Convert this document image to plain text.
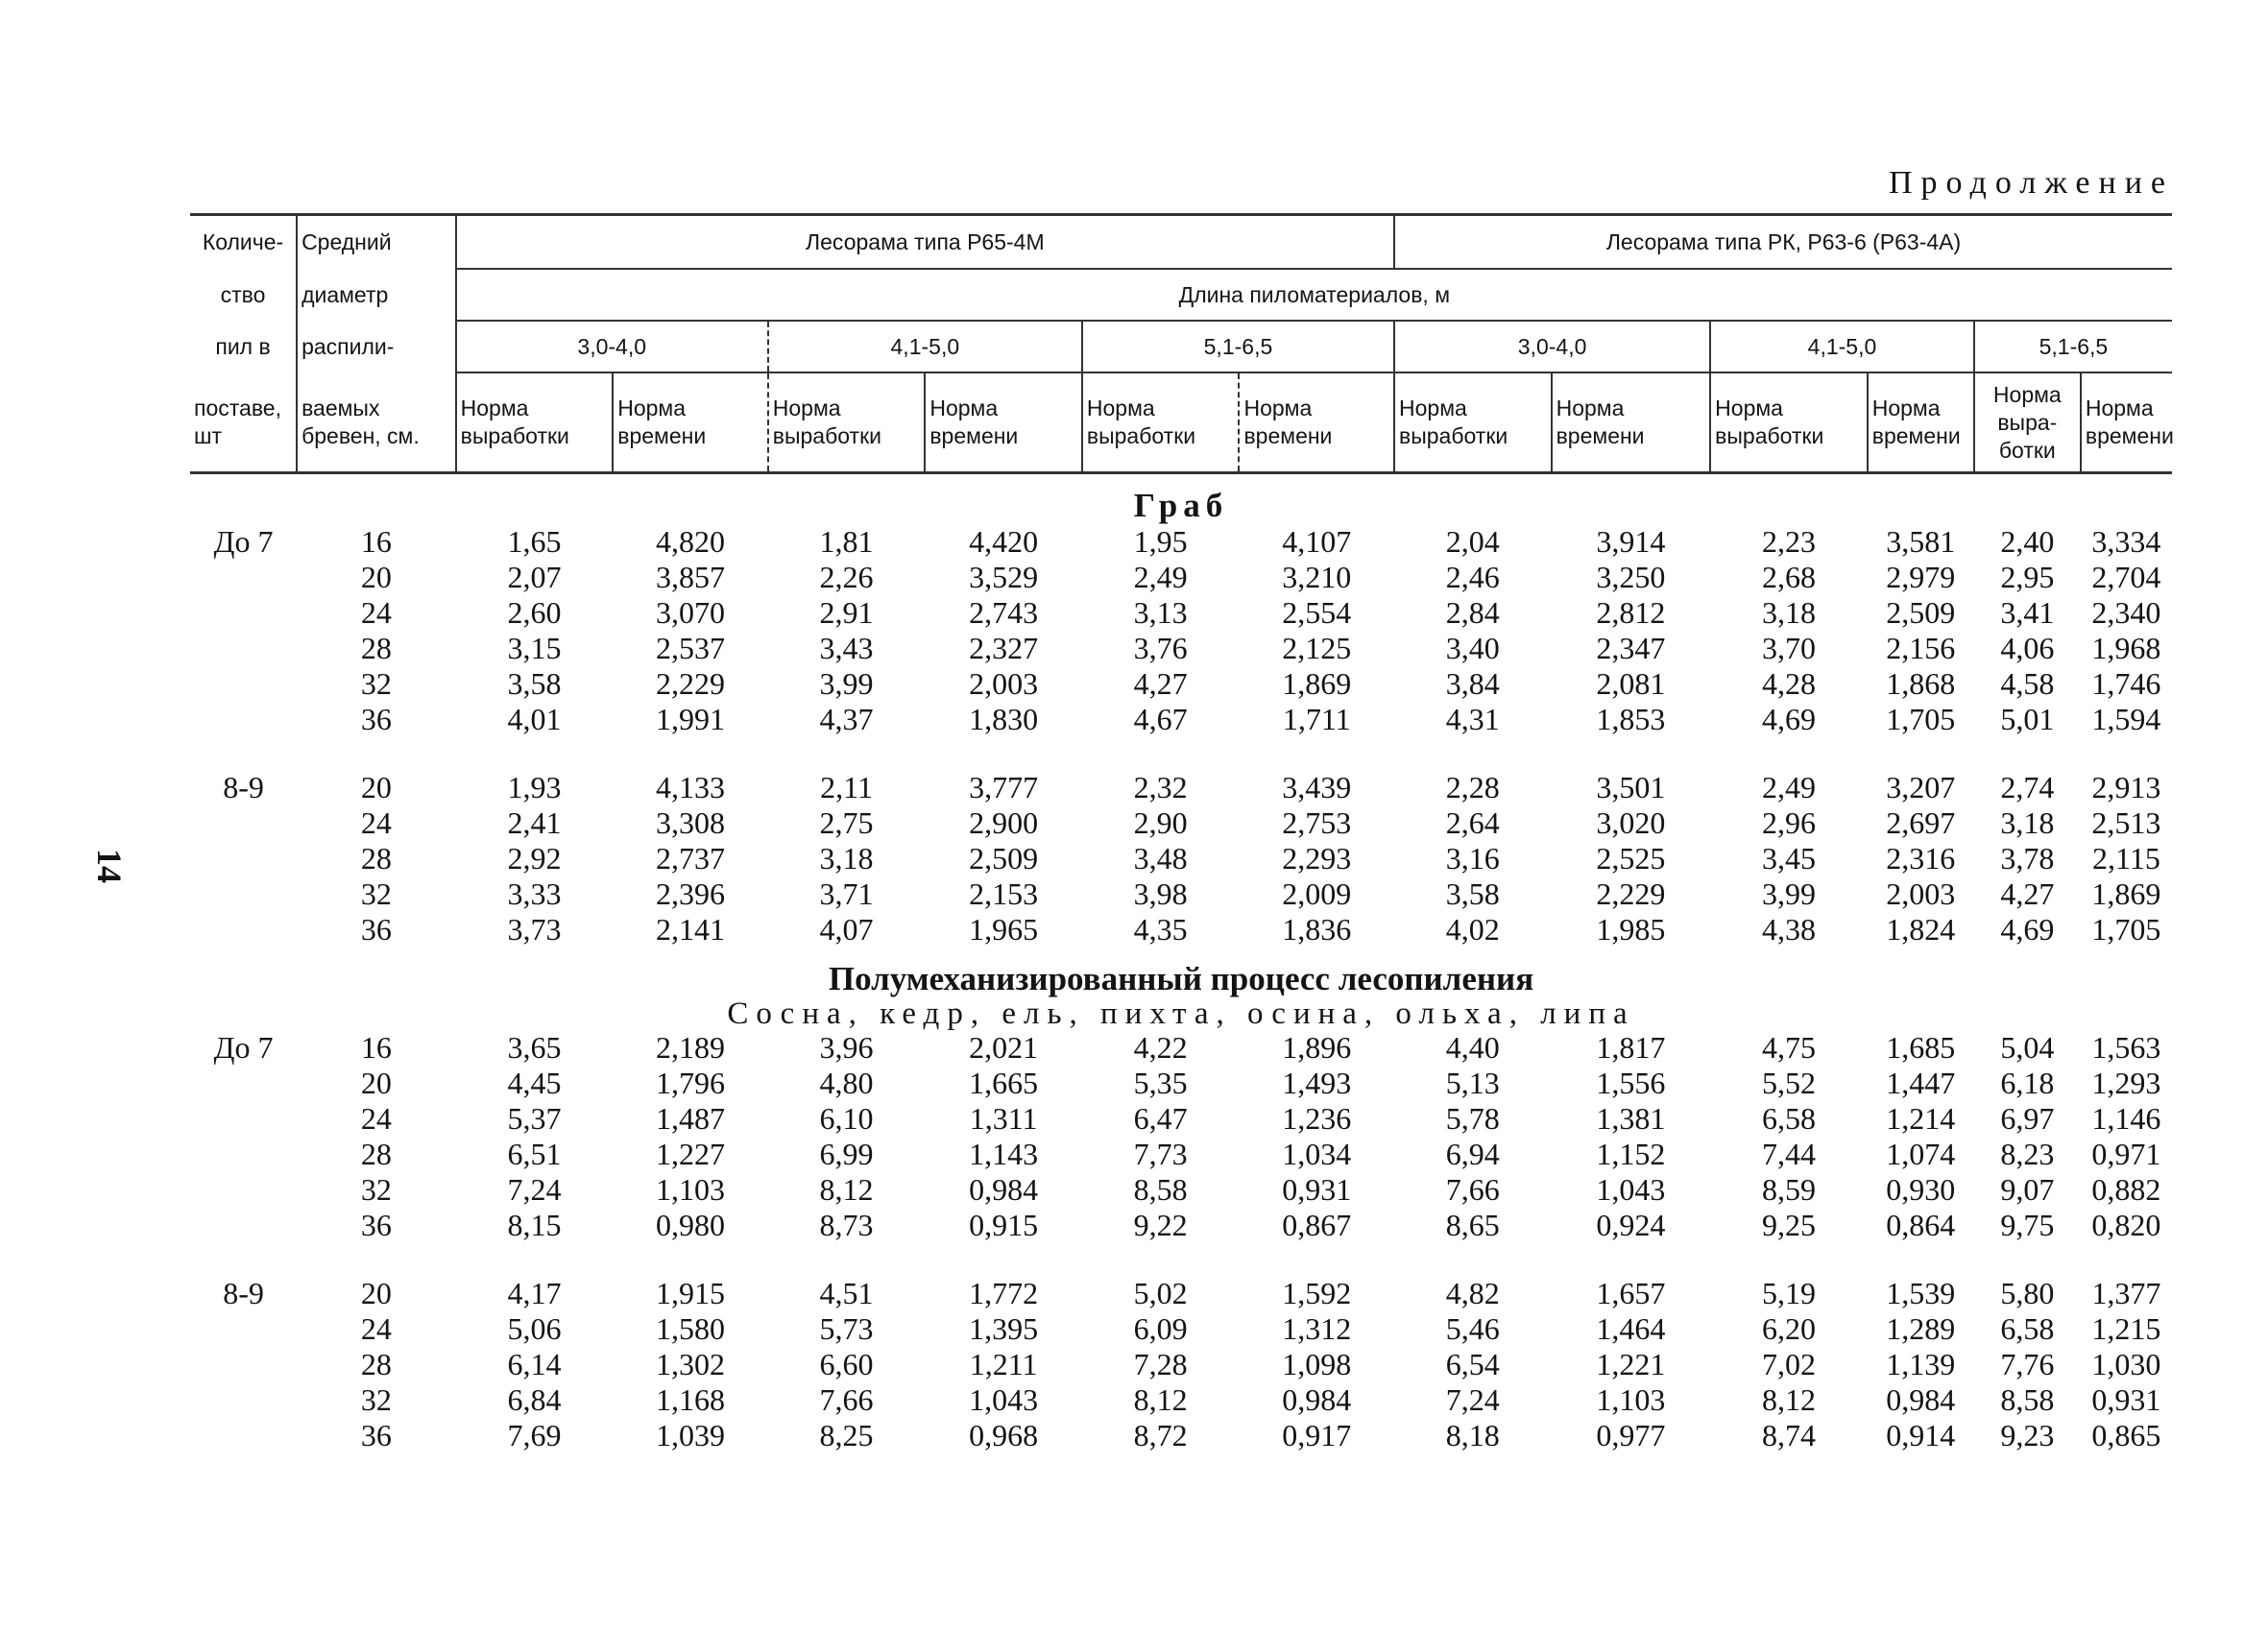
Продолжение
14
Количе-	Средний	Лесорама типа Р65-4М						Лесорама типа РК, Р63-6 (Р63-4А)					
ство	диаметр	Длина пиломатериалов, м											
пил в	распили-	3,0-4,0		4,1-5,0		5,1-6,5		3,0-4,0		4,1-5,0		5,1-6,5	
поставе,
шт	ваемых
бревен, см.	Норма выработки	Норма времени	Норма выработки	Норма времени	Норма выработки	Норма времени	Норма выработки	Норма времени	Норма выработки	Норма времени	Норма выра-ботки	Норма времени
Граб													
До 7	16	1,65	4,820	1,81	4,420	1,95	4,107	2,04	3,914	2,23	3,581	2,40	3,334
	20	2,07	3,857	2,26	3,529	2,49	3,210	2,46	3,250	2,68	2,979	2,95	2,704
	24	2,60	3,070	2,91	2,743	3,13	2,554	2,84	2,812	3,18	2,509	3,41	2,340
	28	3,15	2,537	3,43	2,327	3,76	2,125	3,40	2,347	3,70	2,156	4,06	1,968
	32	3,58	2,229	3,99	2,003	4,27	1,869	3,84	2,081	4,28	1,868	4,58	1,746
	36	4,01	1,991	4,37	1,830	4,67	1,711	4,31	1,853	4,69	1,705	5,01	1,594

8-9	20	1,93	4,133	2,11	3,777	2,32	3,439	2,28	3,501	2,49	3,207	2,74	2,913
	24	2,41	3,308	2,75	2,900	2,90	2,753	2,64	3,020	2,96	2,697	3,18	2,513
	28	2,92	2,737	3,18	2,509	3,48	2,293	3,16	2,525	3,45	2,316	3,78	2,115
	32	3,33	2,396	3,71	2,153	3,98	2,009	3,58	2,229	3,99	2,003	4,27	1,869
	36	3,73	2,141	4,07	1,965	4,35	1,836	4,02	1,985	4,38	1,824	4,69	1,705
Полумеханизированный процесс лесопиления													
Сосна, кедр, ель, пихта, осина, ольха, липа													
До 7	16	3,65	2,189	3,96	2,021	4,22	1,896	4,40	1,817	4,75	1,685	5,04	1,563
	20	4,45	1,796	4,80	1,665	5,35	1,493	5,13	1,556	5,52	1,447	6,18	1,293
	24	5,37	1,487	6,10	1,311	6,47	1,236	5,78	1,381	6,58	1,214	6,97	1,146
	28	6,51	1,227	6,99	1,143	7,73	1,034	6,94	1,152	7,44	1,074	8,23	0,971
	32	7,24	1,103	8,12	0,984	8,58	0,931	7,66	1,043	8,59	0,930	9,07	0,882
	36	8,15	0,980	8,73	0,915	9,22	0,867	8,65	0,924	9,25	0,864	9,75	0,820

8-9	20	4,17	1,915	4,51	1,772	5,02	1,592	4,82	1,657	5,19	1,539	5,80	1,377
	24	5,06	1,580	5,73	1,395	6,09	1,312	5,46	1,464	6,20	1,289	6,58	1,215
	28	6,14	1,302	6,60	1,211	7,28	1,098	6,54	1,221	7,02	1,139	7,76	1,030
	32	6,84	1,168	7,66	1,043	8,12	0,984	7,24	1,103	8,12	0,984	8,58	0,931
	36	7,69	1,039	8,25	0,968	8,72	0,917	8,18	0,977	8,74	0,914	9,23	0,865
